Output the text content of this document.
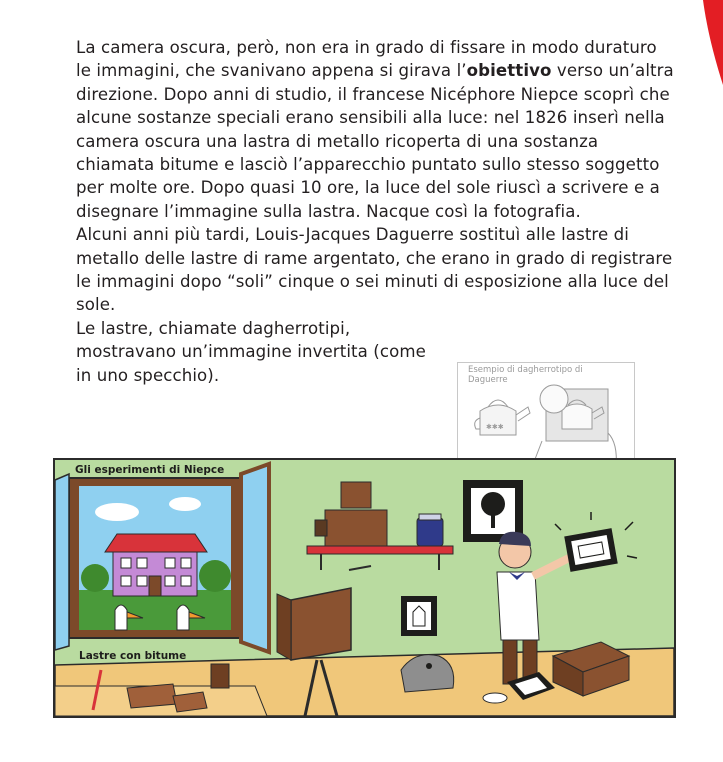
La camera oscura, però, non era in grado di fissare in modo duraturo le immagini, che svanivano appena si girava l’obiettivo verso un’altra direzione. Dopo anni di studio, il francese Nicéphore Niepce scoprì che alcune sostanze speciali erano sensibili alla luce: nel 1826 inserì nella camera oscura una lastra di metallo ricoperta di una sostanza chiamata bitume e lasciò l’apparecchio puntato sullo stesso soggetto per molte ore. Dopo quasi 10 ore, la luce del sole riuscì a scrivere e a disegnare l’immagine sulla lastra. Nacque così la fotografia.

Alcuni anni più tardi, Louis-Jacques Daguerre sostituì alle lastre di metallo delle lastre di rame argentato, che erano in grado di registrare le immagini dopo “soli” cinque o sei minuti di esposizione alla luce del sole.

Le lastre, chiamate dagherrotipi, mostravano un’immagine invertita (come in uno specchio).	Esempio di dagherrotipo di Daguerre
✱✱✱
Gli esperimenti di Niepce
Lastre con bitume
